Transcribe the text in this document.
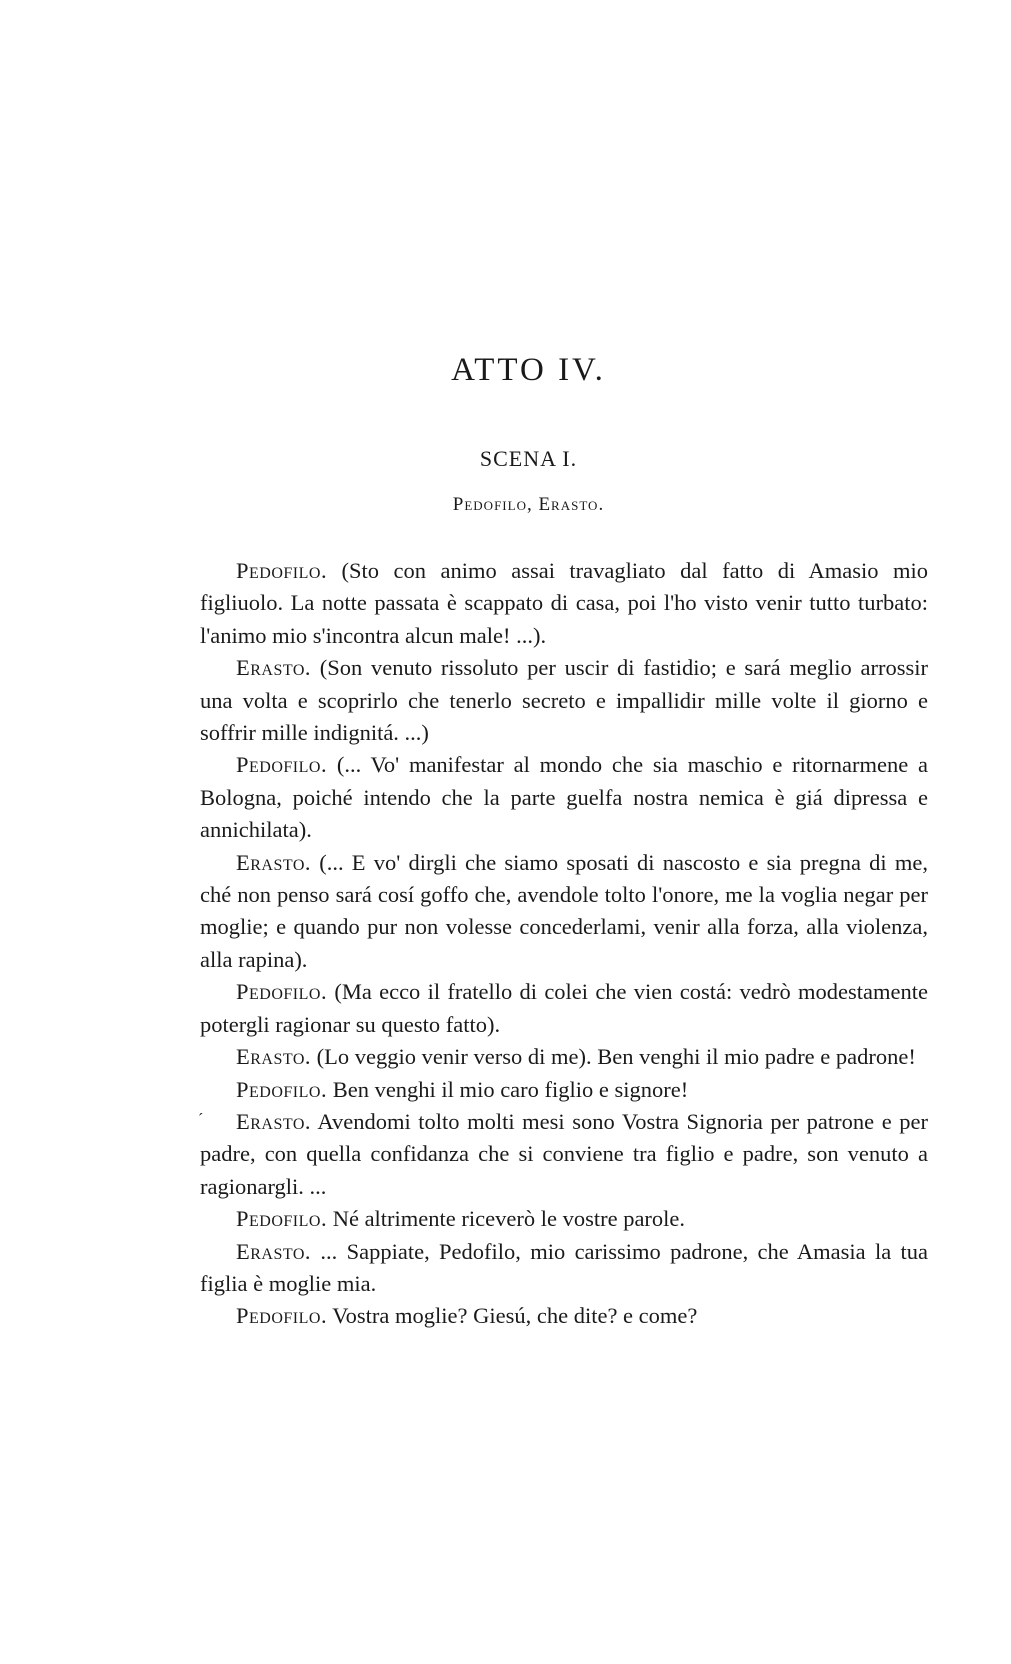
ATTO IV.
SCENA I.

Pedofilo, Erasto.

´

Pedofilo. (Sto con animo assai travagliato dal fatto di Amasio mio figliuolo. La notte passata è scappato di casa, poi l'ho visto venir tutto turbato: l'animo mio s'incontra alcun male! ...).

Erasto. (Son venuto rissoluto per uscir di fastidio; e sará meglio arrossir una volta e scoprirlo che tenerlo secreto e impallidir mille volte il giorno e soffrir mille indignitá. ...)

Pedofilo. (... Vo' manifestar al mondo che sia maschio e ritornarmene a Bologna, poiché intendo che la parte guelfa nostra nemica è giá dipressa e annichilata).

Erasto. (... E vo' dirgli che siamo sposati di nascosto e sia pregna di me, ché non penso sará cosí goffo che, avendole tolto l'onore, me la voglia negar per moglie; e quando pur non volesse concederlami, venir alla forza, alla violenza, alla rapina).

Pedofilo. (Ma ecco il fratello di colei che vien costá: vedrò modestamente potergli ragionar su questo fatto).

Erasto. (Lo veggio venir verso di me). Ben venghi il mio padre e padrone!

Pedofilo. Ben venghi il mio caro figlio e signore!

Erasto. Avendomi tolto molti mesi sono Vostra Signoria per patrone e per padre, con quella confidanza che si conviene tra figlio e padre, son venuto a ragionargli. ...

Pedofilo. Né altrimente riceverò le vostre parole.

Erasto. ... Sappiate, Pedofilo, mio carissimo padrone, che Amasia la tua figlia è moglie mia.

Pedofilo. Vostra moglie? Giesú, che dite? e come?
